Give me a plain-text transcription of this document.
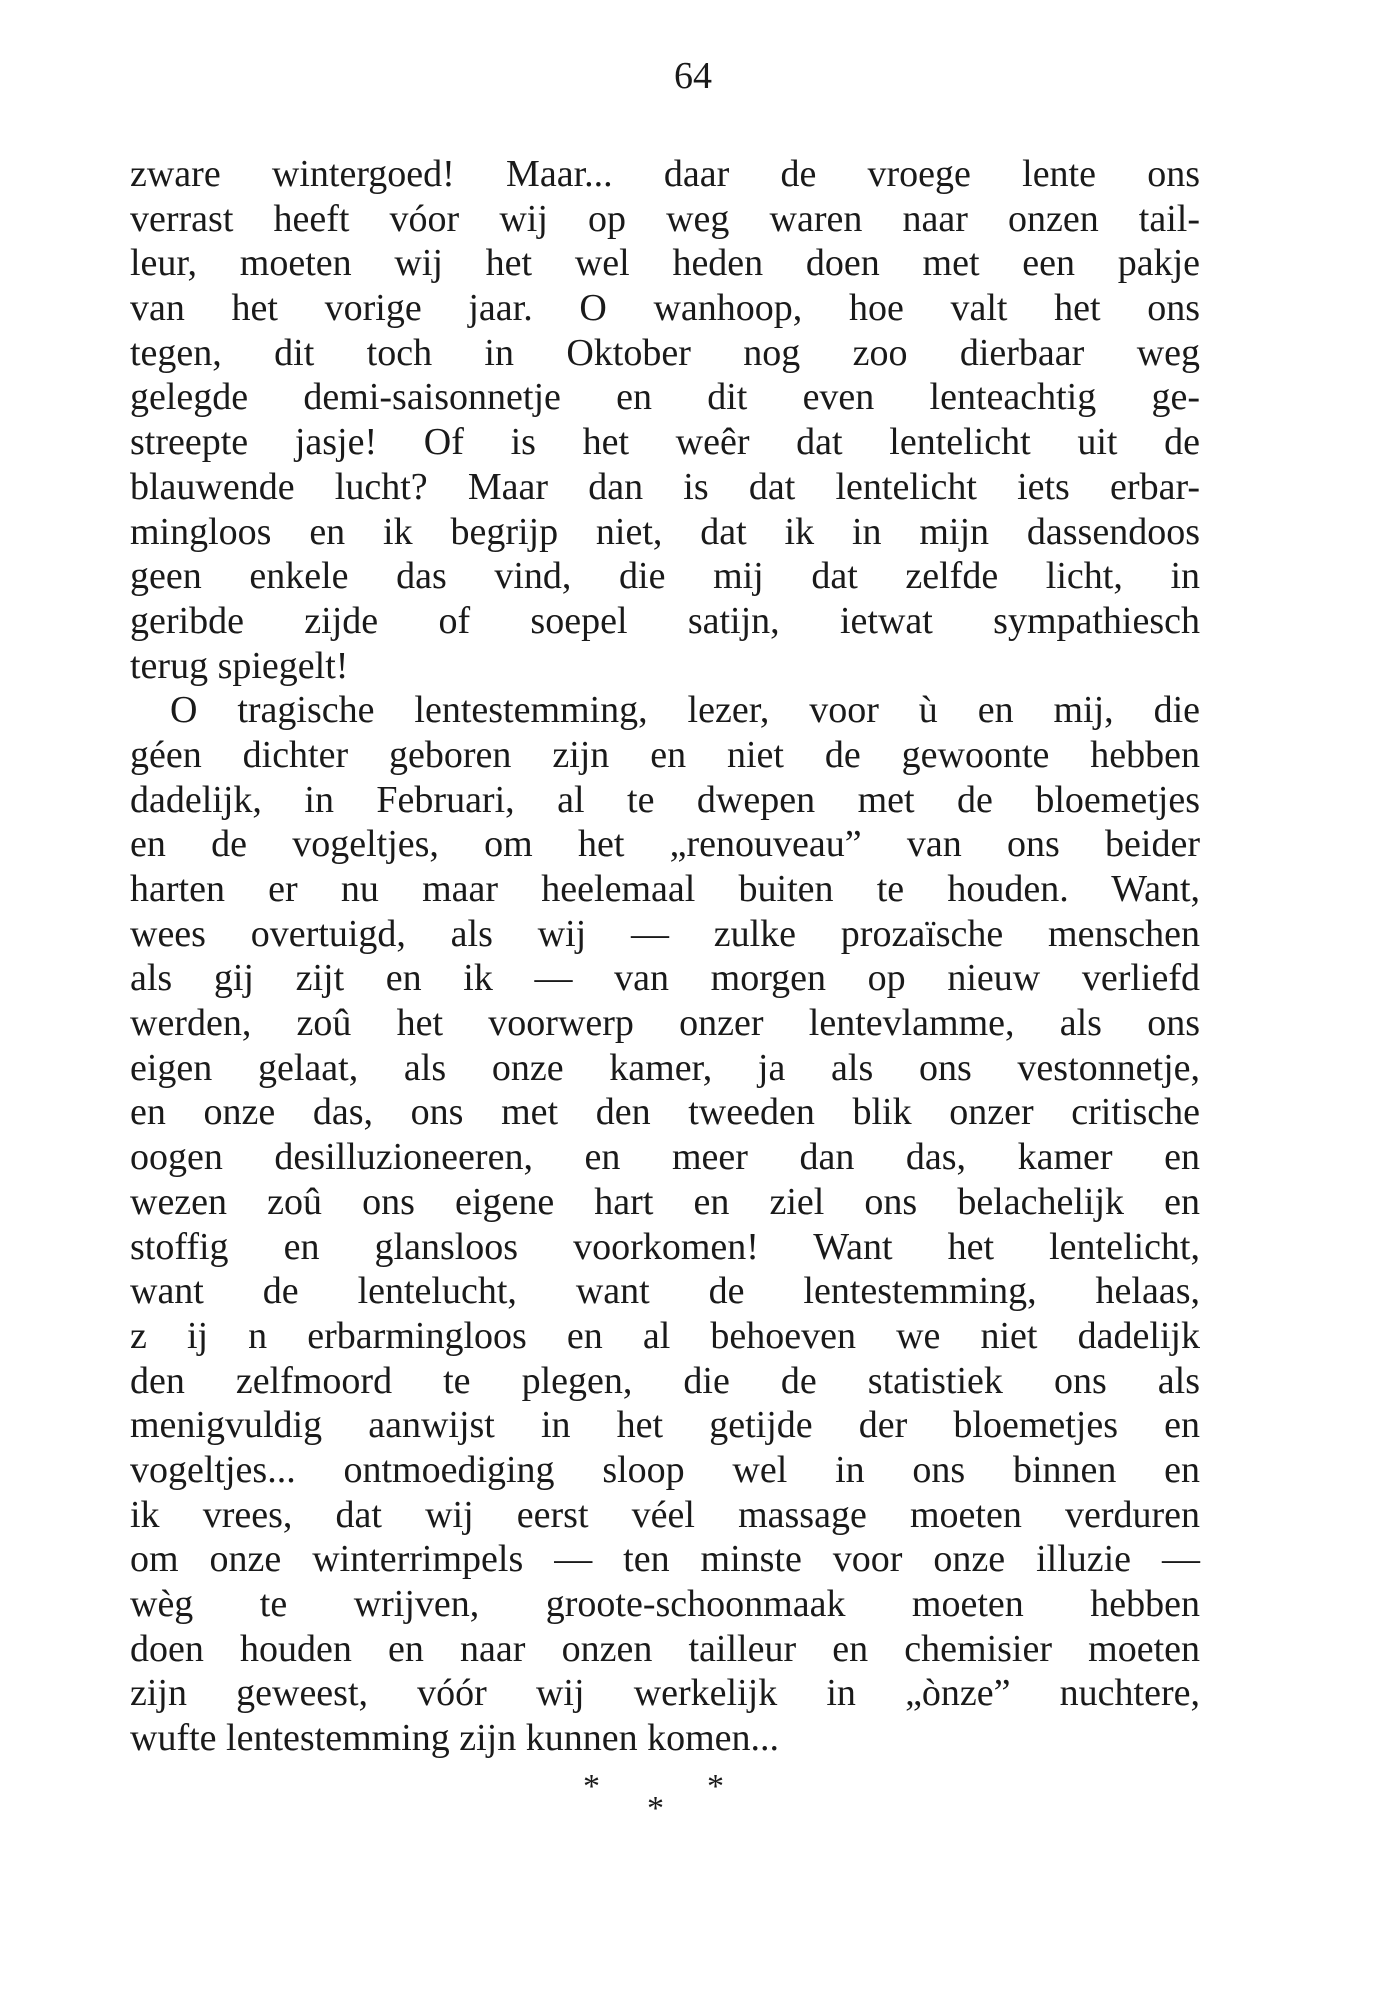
64
zware wintergoed! Maar... daar de vroege lente ons
verrast heeft vóor wij op weg waren naar onzen tail-
leur, moeten wij het wel heden doen met een pakje
van het vorige jaar. O wanhoop, hoe valt het ons
tegen, dit toch in Oktober nog zoo dierbaar weg
gelegde demi-saisonnetje en dit even lenteachtig ge-
streepte jasje! Of is het weêr dat lentelicht uit de
blauwende lucht? Maar dan is dat lentelicht iets erbar-
mingloos en ik begrijp niet, dat ik in mijn dassendoos
geen enkele das vind, die mij dat zelfde licht, in
geribde zijde of soepel satijn, ietwat sympathiesch
terug spiegelt!
O tragische lentestemming, lezer, voor ù en mij, die
géen dichter geboren zijn en niet de gewoonte hebben
dadelijk, in Februari, al te dwepen met de bloemetjes
en de vogeltjes, om het „renouveau” van ons beider
harten er nu maar heelemaal buiten te houden. Want,
wees overtuigd, als wij — zulke prozaïsche menschen
als gij zijt en ik — van morgen op nieuw verliefd
werden, zoû het voorwerp onzer lentevlamme, als ons
eigen gelaat, als onze kamer, ja als ons vestonnetje,
en onze das, ons met den tweeden blik onzer critische
oogen desilluzioneeren, en meer dan das, kamer en
wezen zoû ons eigene hart en ziel ons belachelijk en
stoffig en glansloos voorkomen! Want het lentelicht,
want de lentelucht, want de lentestemming, helaas,
z ij n erbarmingloos en al behoeven we niet dadelijk
den zelfmoord te plegen, die de statistiek ons als
menigvuldig aanwijst in het getijde der bloemetjes en
vogeltjes... ontmoediging sloop wel in ons binnen en
ik vrees, dat wij eerst véel massage moeten verduren
om onze winterrimpels — ten minste voor onze illuzie —
wèg te wrijven, groote-schoonmaak moeten hebben
doen houden en naar onzen tailleur en chemisier moeten
zijn geweest, vóór wij werkelijk in „ònze” nuchtere,
wufte lentestemming zijn kunnen komen...
*
*
*
